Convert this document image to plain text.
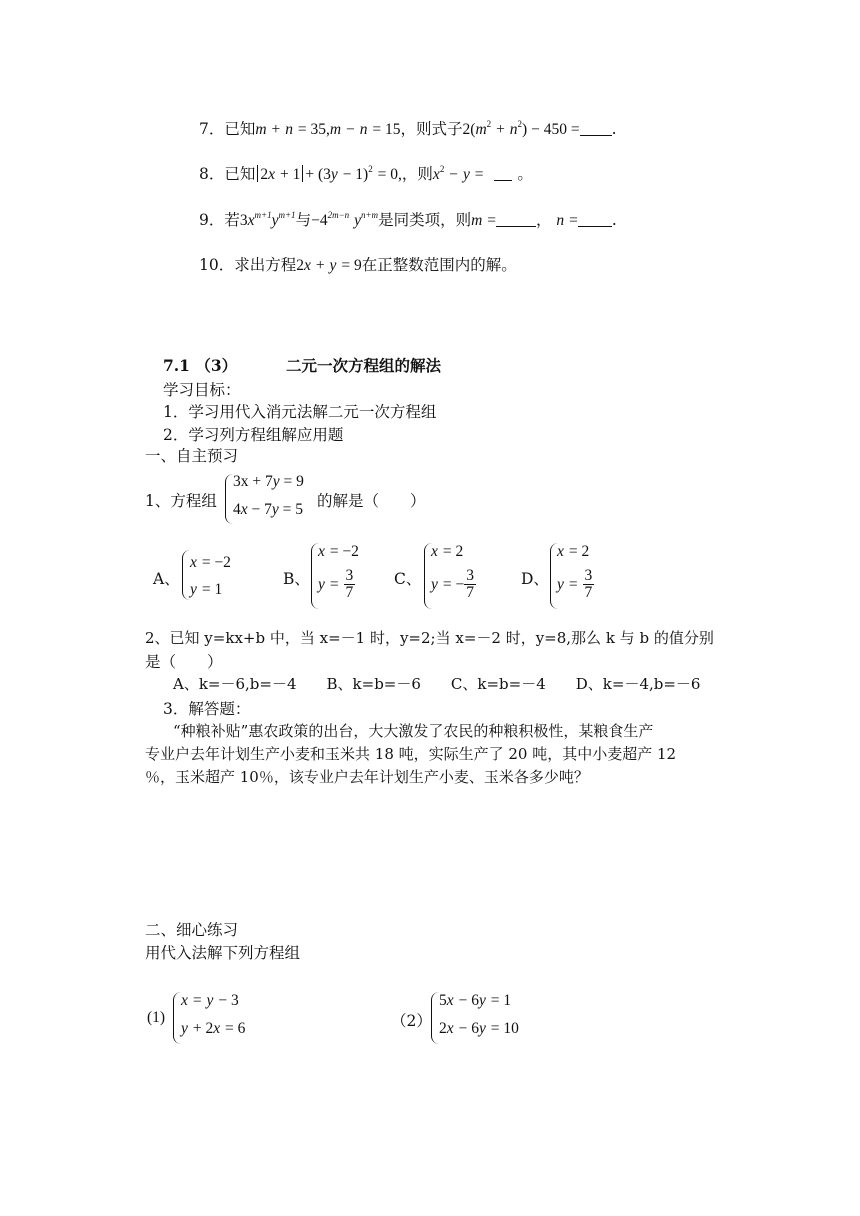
7．已知m + n = 35,m − n = 15，则式子$2(m^2 + n^2) - 450$ = .
8．已知 $2x + 1 + (3y - 1)^2 = 0$,，则$x^2 - y$ =  。
9．若$3x^{m+1}y^{m+1}$与$-4^{2m-n}$ $y^{n+m}$是同类项，则m =	， n = .
10．求出方程2x + y = 9在正整数范围内的解。
7.1 （3）	二元一次方程组的解法
学习目标：
1．学习用代入消元法解二元一次方程组
2．学习列方程组解应用题
一、自主预习
1、方程组
3x + 7y = 9
4x − 7y = 5 的解是（　　）
A、
x = −2
y = 1
B、
x = −2
$y = \frac{3}{7}$ C、
x = 2
y = − $\frac{3}{7}$	D、
x = 2
$y = \frac{3}{7}$
2、已知 y=kx+b 中，当 x=－1 时，y=2;当 x=－2 时，y=8,那么 k 与 b 的值分别
是（　　）
A、k=－6,b=－4　　B、k=b=－6　　C、k=b=－4　　D、k=－4,b=－6
3．解答题：
“种粮补贴”惠农政策的出台，大大激发了农民的种粮积极性，某粮食生产
专业户去年计划生产小麦和玉米共 18 吨，实际生产了 20 吨，其中小麦超产 12
％，玉米超产 10％，该专业户去年计划生产小麦、玉米各多少吨？
二、细心练习
用代入法解下列方程组
(1)
x = y − 3
y + 2x = 6	（2）
5x − 6y = 1
2x − 6y = 10
